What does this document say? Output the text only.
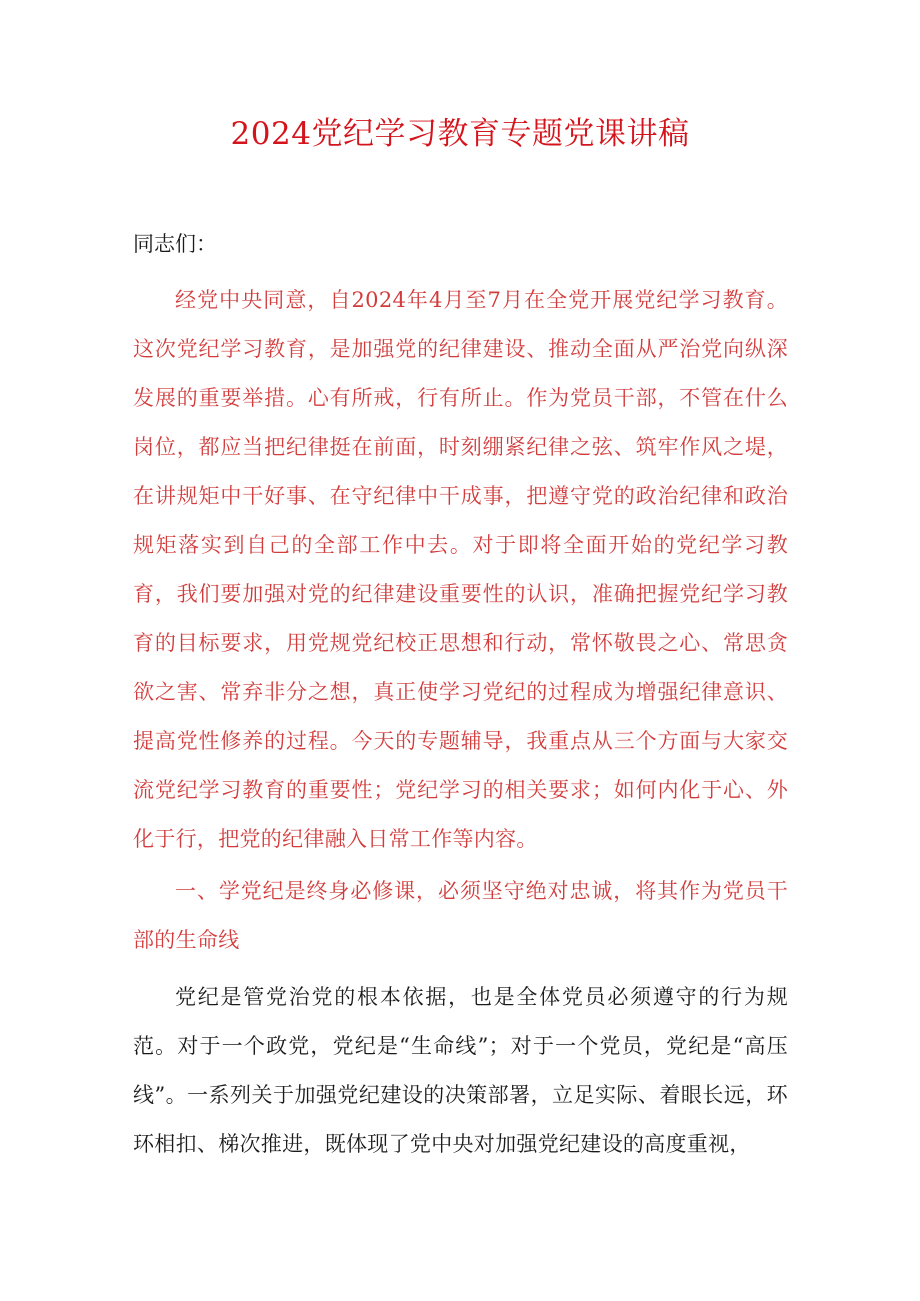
2024党纪学习教育专题党课讲稿

同志们：

经党中央同意，自2024年4月至7月在全党开展党纪学习教育。这次党纪学习教育，是加强党的纪律建设、推动全面从严治党向纵深发展的重要举措。心有所戒，行有所止。作为党员干部，不管在什么岗位，都应当把纪律挺在前面，时刻绷紧纪律之弦、筑牢作风之堤，在讲规矩中干好事、在守纪律中干成事，把遵守党的政治纪律和政治规矩落实到自己的全部工作中去。对于即将全面开始的党纪学习教育，我们要加强对党的纪律建设重要性的认识，准确把握党纪学习教育的目标要求，用党规党纪校正思想和行动，常怀敬畏之心、常思贪欲之害、常弃非分之想，真正使学习党纪的过程成为增强纪律意识、提高党性修养的过程。今天的专题辅导，我重点从三个方面与大家交流党纪学习教育的重要性；党纪学习的相关要求；如何内化于心、外化于行，把党的纪律融入日常工作等内容。

一、学党纪是终身必修课，必须坚守绝对忠诚，将其作为党员干部的生命线

党纪是管党治党的根本依据，也是全体党员必须遵守的行为规范。对于一个政党，党纪是“生命线”；对于一个党员，党纪是“高压线”。一系列关于加强党纪建设的决策部署，立足实际、着眼长远，环环相扣、梯次推进，既体现了党中央对加强党纪建设的高度重视，
